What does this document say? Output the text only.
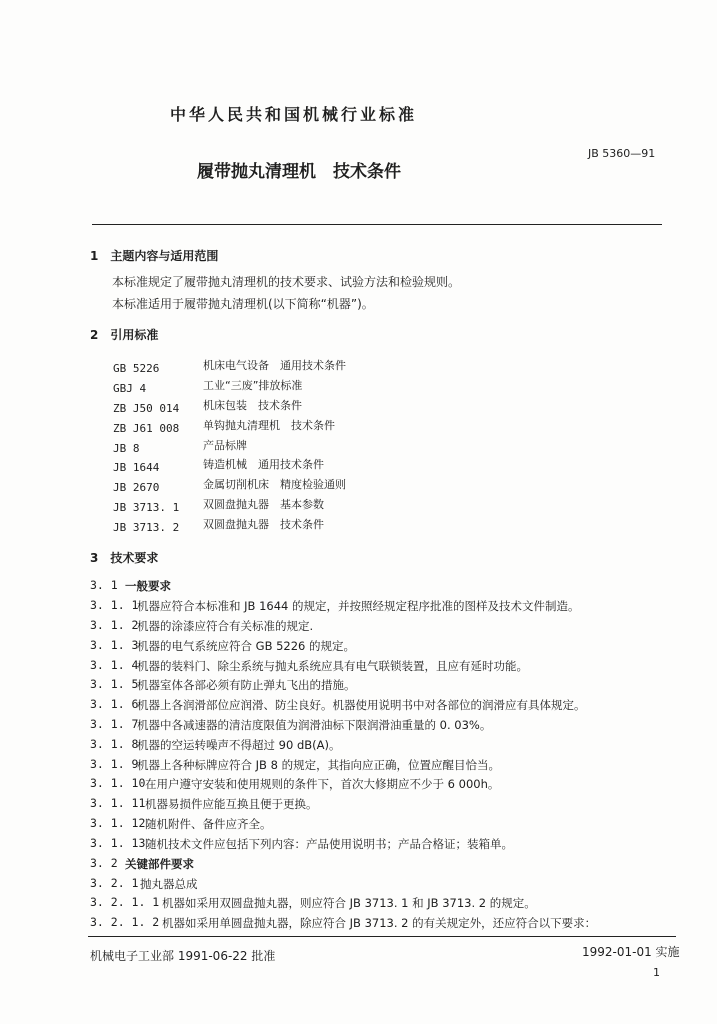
中华人民共和国机械行业标准
JB 5360—91
履带抛丸清理机　技术条件
1　主题内容与适用范围
本标准规定了履带抛丸清理机的技术要求、试验方法和检验规则。
本标准适用于履带抛丸清理机(以下简称“机器”)。
2　引用标准
GB 5226	机床电气设备　通用技术条件
GBJ 4	工业“三废”排放标准
ZB J50 014 机床包装　技术条件
ZB J61 008 单钩抛丸清理机　技术条件
JB 8	产品标牌
JB 1644	铸造机械　通用技术条件
JB 2670	金属切削机床　精度检验通则
JB 3713. 1 双圆盘抛丸器　基本参数
JB 3713. 2 双圆盘抛丸器　技术条件
3　技术要求
3. 1 一般要求
3. 1. 1
机器应符合本标准和 JB 1644 的规定，并按照经规定程序批准的图样及技术文件制造。
3. 1. 2
机器的涂漆应符合有关标准的规定.
3. 1. 3
机器的电气系统应符合 GB 5226 的规定。
3. 1. 4
机器的装料门、除尘系统与抛丸系统应具有电气联锁装置，且应有延时功能。
3. 1. 5
机器室体各部必须有防止弹丸飞出的措施。
3. 1. 6
机器上各润滑部位应润滑、防尘良好。机器使用说明书中对各部位的润滑应有具体规定。
3. 1. 7
机器中各减速器的清洁度限值为润滑油标下限润滑油重量的 0. 03%。
3. 1. 8
机器的空运转噪声不得超过 90 dB(A)。
3. 1. 9
机器上各种标牌应符合 JB 8 的规定，其指向应正确，位置应醒目恰当。
3. 1. 10 在用户遵守安装和使用规则的条件下，首次大修期应不少于 6 000h。
3. 1. 11 机器易损件应能互换且便于更换。
3. 1. 12 随机附件、备件应齐全。
3. 1. 13 随机技术文件应包括下列内容：产品使用说明书；产品合格证；装箱单。
3. 2 关键部件要求
3. 2. 1 抛丸器总成
3. 2. 1. 1 机器如采用双圆盘抛丸器，则应符合 JB 3713. 1 和 JB 3713. 2 的规定。
3. 2. 1. 2 机器如采用单圆盘抛丸器，除应符合 JB 3713. 2 的有关规定外，还应符合以下要求：
机械电子工业部 1991-06-22 批准	1992-01-01 实施
1
